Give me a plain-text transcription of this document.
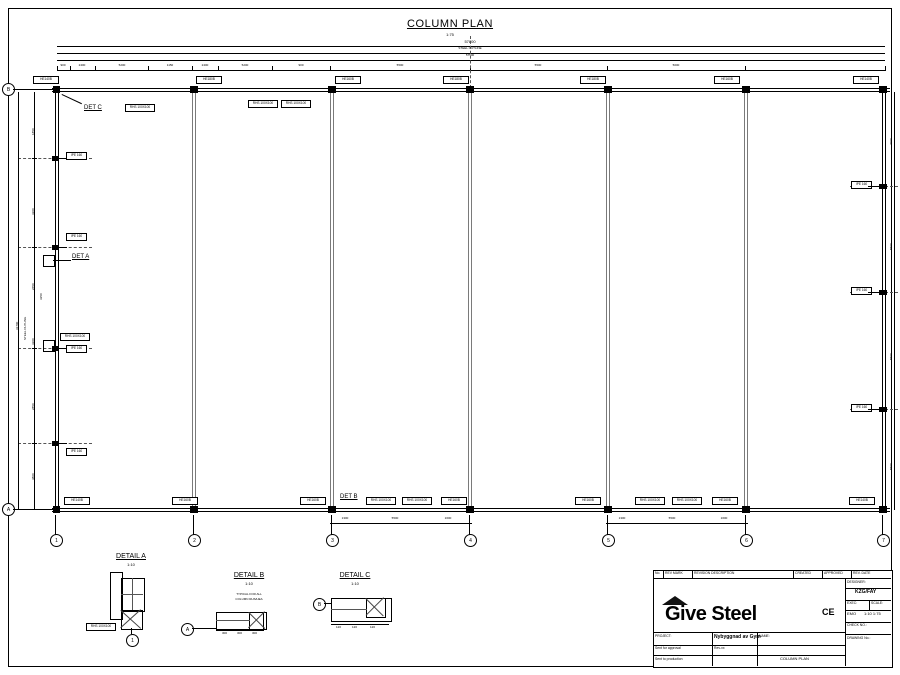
COLUMN PLAN
1:75
57800
STEEL OUTLINE
57500
900	2400	5200	1150	2400	5200	900	5500	5500	5000
HE140B	HE180B	HE160B	HE180B	HE180B	HE160B	HE140B
RHS 100X100
RHS 100X100	RHS 100X100
DET C
IPE 160
IPE 160
IPE 160
IPE 160
RHS 100X100
DET A
IPE 160
IPE 160
IPE 160
HE140B	HE160B	HE160B	HE160B	HE160B	HE160B	HE140B
RHS 100X100	RHS 100X100	RHS 100X100	RHS 100X100
DET B
31700 STEEL OUTLINE
1850
3200
2650
3250
3200
2850
3800
4900
5500
5500
5500
1300	5500	1600	1300	5500	1600
1	2	3	4	5	6	7
B
A
DETAIL A
1:10
RHS 100X100
1
DETAIL B
1:10
TYPICAL FOR ALL
COLUMN RHS/HEA
300	300	300
A
DETAIL C
1:10
120	120	120
B
No. REV MARK	REVISION DESCRIPTION	CREATED	APPROVED	REV. DATE
DESIGNER:
KZG/FAY
EXEC:	SCALE:
EMO 1:10 1:75
CHECK NO.:
DRAWING No.:
Give Steel	CE
PROJECT:	Nybyggnad av Gym
NAME:
COLUMN PLAN
Sent for approval
Sent to production
Rev-xx
